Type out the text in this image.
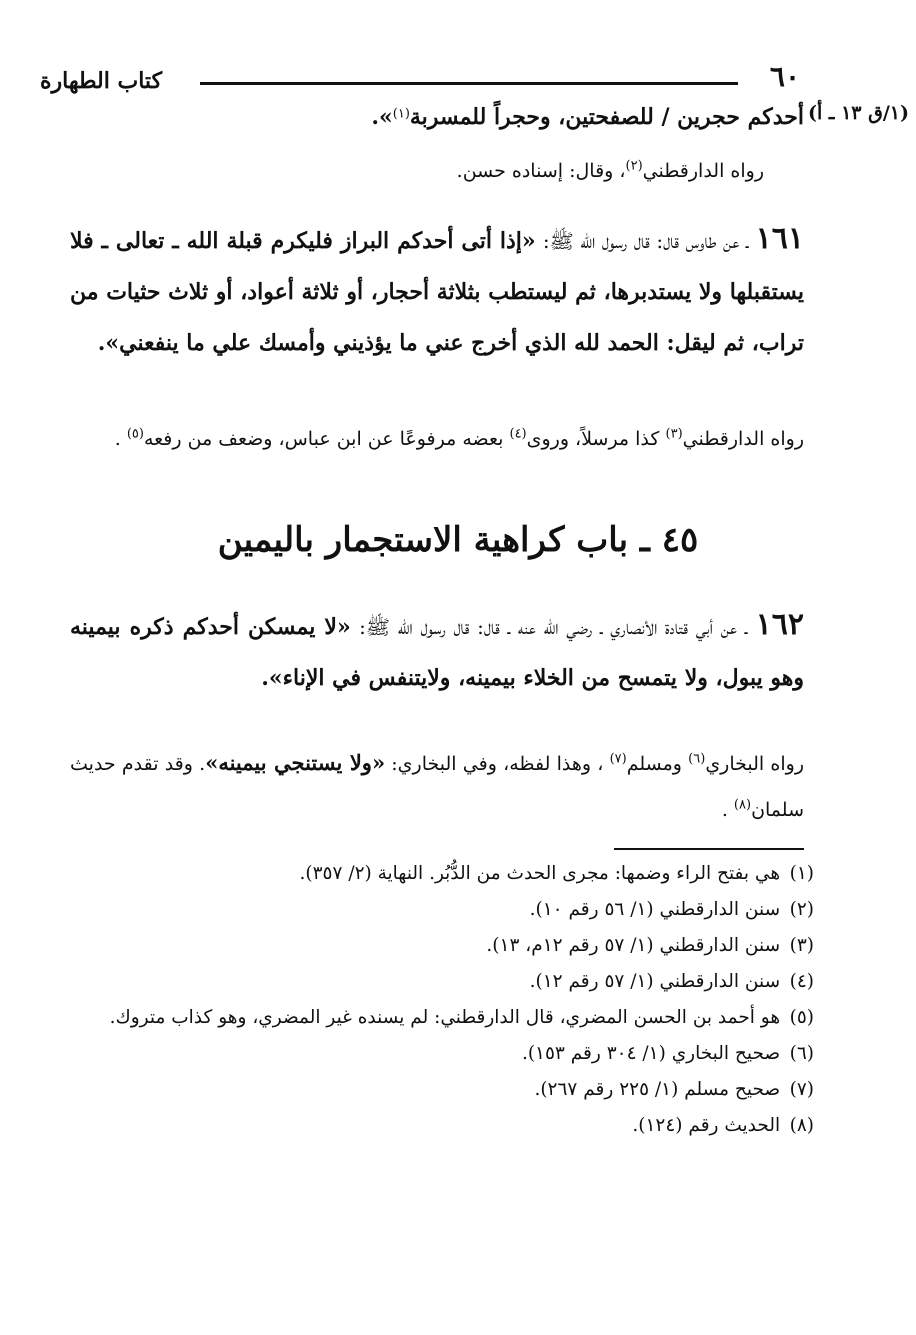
٦٠
كتاب الطهارة
(١/ق ١٣ ـ أ)
أحدكم حجرين / للصفحتين، وحجراً للمسربة$^{(١)}$».
رواه الدارقطني$^{(٢)}$، وقال: إسناده حسن.
١٦١ ـ عن طاوس قال: قال رسول الله ﷺ: «إذا أتى أحدكم البراز فليكرم قبلة الله ـ تعالى ـ فلا يستقبلها ولا يستدبرها، ثم ليستطب بثلاثة أحجار، أو ثلاثة أعواد، أو ثلاث حثيات من تراب، ثم ليقل: الحمد لله الذي أخرج عني ما يؤذيني وأمسك علي ما ينفعني».
رواه الدارقطني$^{(٣)}$ كذا مرسلاً، وروى$^{(٤)}$ بعضه مرفوعًا عن ابن عباس، وضعف من رفعه$^{(٥)}$ .
٤٥ ـ باب كراهية الاستجمار باليمين
١٦٢ ـ عن أبي قتادة الأنصاري ـ رضي الله عنه ـ قال: قال رسول الله ﷺ: «لا يمسكن أحدكم ذكره بيمينه وهو يبول، ولا يتمسح من الخلاء بيمينه، ولايتنفس في الإناء».
رواه البخاري$^{(٦)}$ ومسلم$^{(٧)}$ ، وهذا لفظه، وفي البخاري: «ولا يستنجي بيمينه». وقد تقدم حديث سلمان$^{(٨)}$ .
(١) هي بفتح الراء وضمها: مجرى الحدث من الدُّبُر. النهاية (٢/ ٣٥٧).
(٢) سنن الدارقطني (١/ ٥٦ رقم ١٠).
(٣) سنن الدارقطني (١/ ٥٧ رقم ١٢م، ١٣).
(٤) سنن الدارقطني (١/ ٥٧ رقم ١٢).
(٥) هو أحمد بن الحسن المضري، قال الدارقطني: لم يسنده غير المضري، وهو كذاب متروك.
(٦) صحيح البخاري (١/ ٣٠٤ رقم ١٥٣).
(٧) صحيح مسلم (١/ ٢٢٥ رقم ٢٦٧).
(٨) الحديث رقم (١٢٤).
